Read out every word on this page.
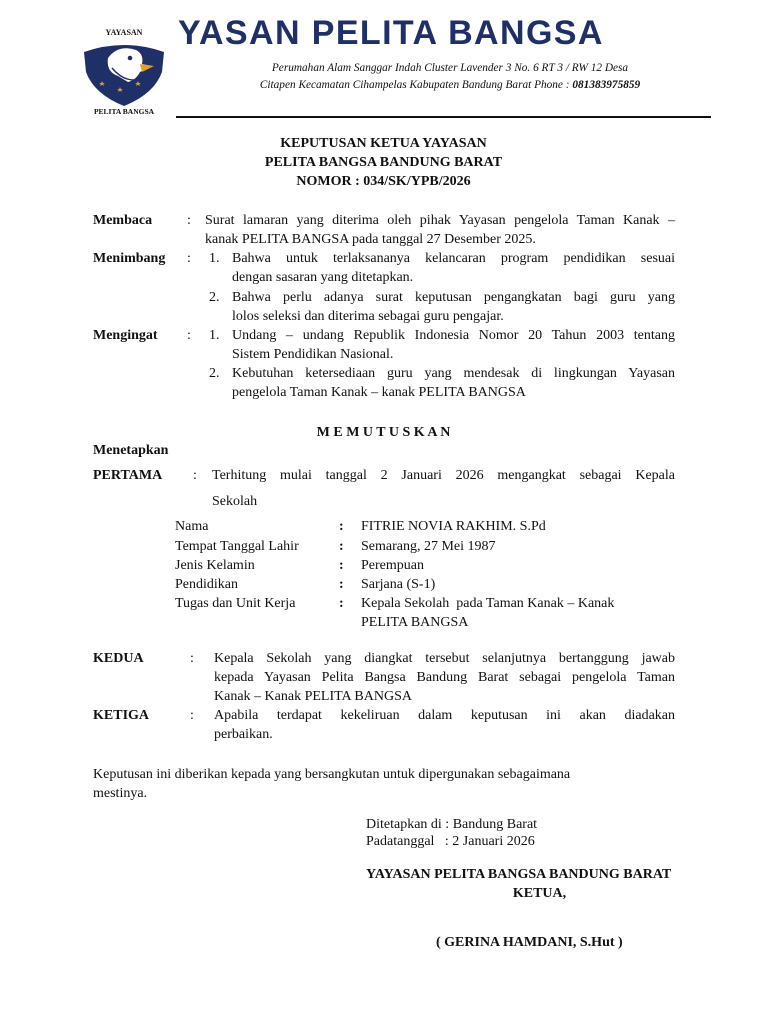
YAYASAN
PELITA BANGSA
YASAN PELITA BANGSA
Perumahan Alam Sanggar Indah Cluster Lavender 3 No. 6 RT 3 / RW 12 Desa
Citapen Kecamatan Cihampelas Kabupaten Bandung Barat Phone : 081383975859
KEPUTUSAN KETUA YAYASAN
PELITA BANGSA BANDUNG BARAT
NOMOR : 034/SK/YPB/2026
Membaca : Surat lamaran yang diterima oleh pihak Yayasan pengelola Taman Kanak –
kanak PELITA BANGSA pada tanggal 27 Desember 2025.
Menimbang : 1. Bahwa untuk terlaksananya kelancaran program pendidikan sesuai
dengan sasaran yang ditetapkan.
2. Bahwa perlu adanya surat keputusan pengangkatan bagi guru yang
lolos seleksi dan diterima sebagai guru pengajar.
Mengingat : 1. Undang – undang Republik Indonesia Nomor 20 Tahun 2003 tentang
Sistem Pendidikan Nasional.
2. Kebutuhan ketersediaan guru yang mendesak di lingkungan Yayasan
pengelola Taman Kanak – kanak PELITA BANGSA
M E M U T U S K A N
Menetapkan
PERTAMA : Terhitung mulai tanggal 2 Januari 2026 mengangkat sebagai Kepala
Sekolah
Nama	: FITRIE NOVIA RAKHIM. S.Pd
Tempat Tanggal Lahir	: Semarang, 27 Mei 1987
Jenis Kelamin	: Perempuan
Pendidikan	: Sarjana (S-1)
Tugas dan Unit Kerja	: Kepala Sekolah  pada Taman Kanak – Kanak
PELITA BANGSA
KEDUA	: Kepala Sekolah yang diangkat tersebut selanjutnya bertanggung jawab
kepada Yayasan Pelita Bangsa Bandung Barat sebagai pengelola Taman
Kanak – Kanak PELITA BANGSA
KETIGA	: Apabila terdapat kekeliruan dalam keputusan ini akan diadakan
perbaikan.
Keputusan ini diberikan kepada yang bersangkutan untuk dipergunakan sebagaimana
mestinya.
Ditetapkan di : Bandung Barat
Padatanggal   : 2 Januari 2026
YAYASAN PELITA BANGSA BANDUNG BARAT
KETUA,
( GERINA HAMDANI, S.Hut )
